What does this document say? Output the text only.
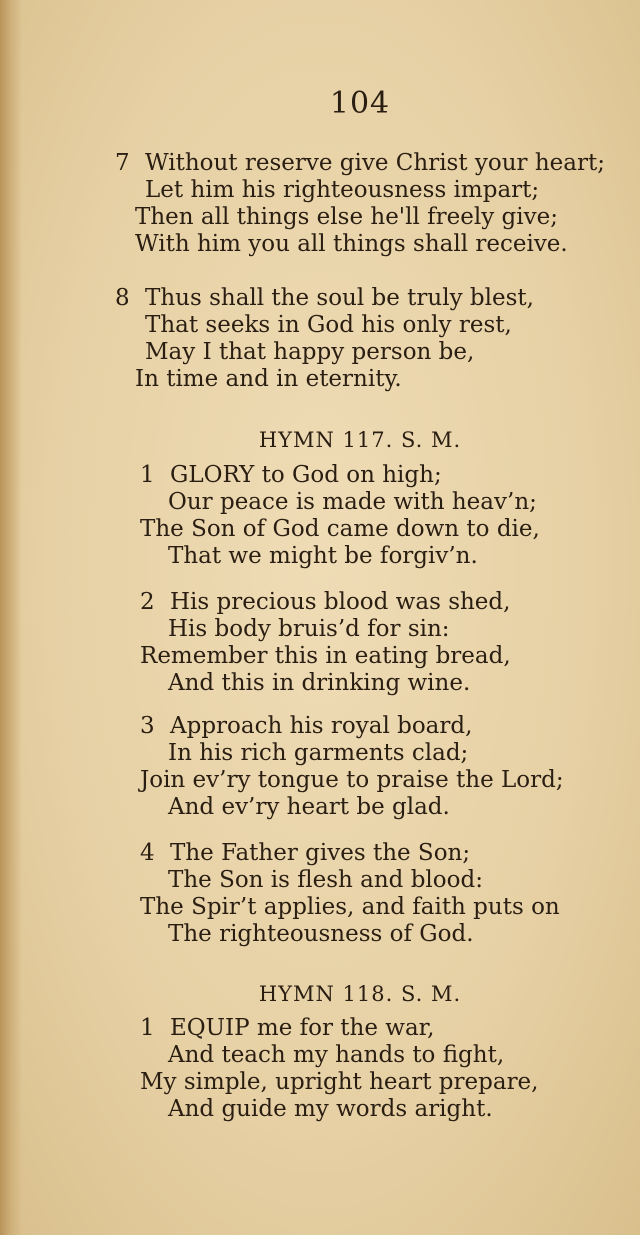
104
7 Without reserve give Christ your heart;
Let him his righteousness impart;
Then all things else he'll freely give;
With him you all things shall receive.
8 Thus shall the soul be truly blest,
That seeks in God his only rest,
May I that happy person be,
In time and in eternity.
HYMN 117. S. M.
1 GLORY to God on high;
Our peace is made with heav’n;
The Son of God came down to die,
That we might be forgiv’n.
2 His precious blood was shed,
His body bruis’d for sin:
Remember this in eating bread,
And this in drinking wine.
3 Approach his royal board,
In his rich garments clad;
Join ev’ry tongue to praise the Lord;
And ev’ry heart be glad.
4 The Father gives the Son;
The Son is flesh and blood:
The Spir’t applies, and faith puts on
The righteousness of God.
HYMN 118. S. M.
1 EQUIP me for the war,
And teach my hands to fight,
My simple, upright heart prepare,
And guide my words aright.
